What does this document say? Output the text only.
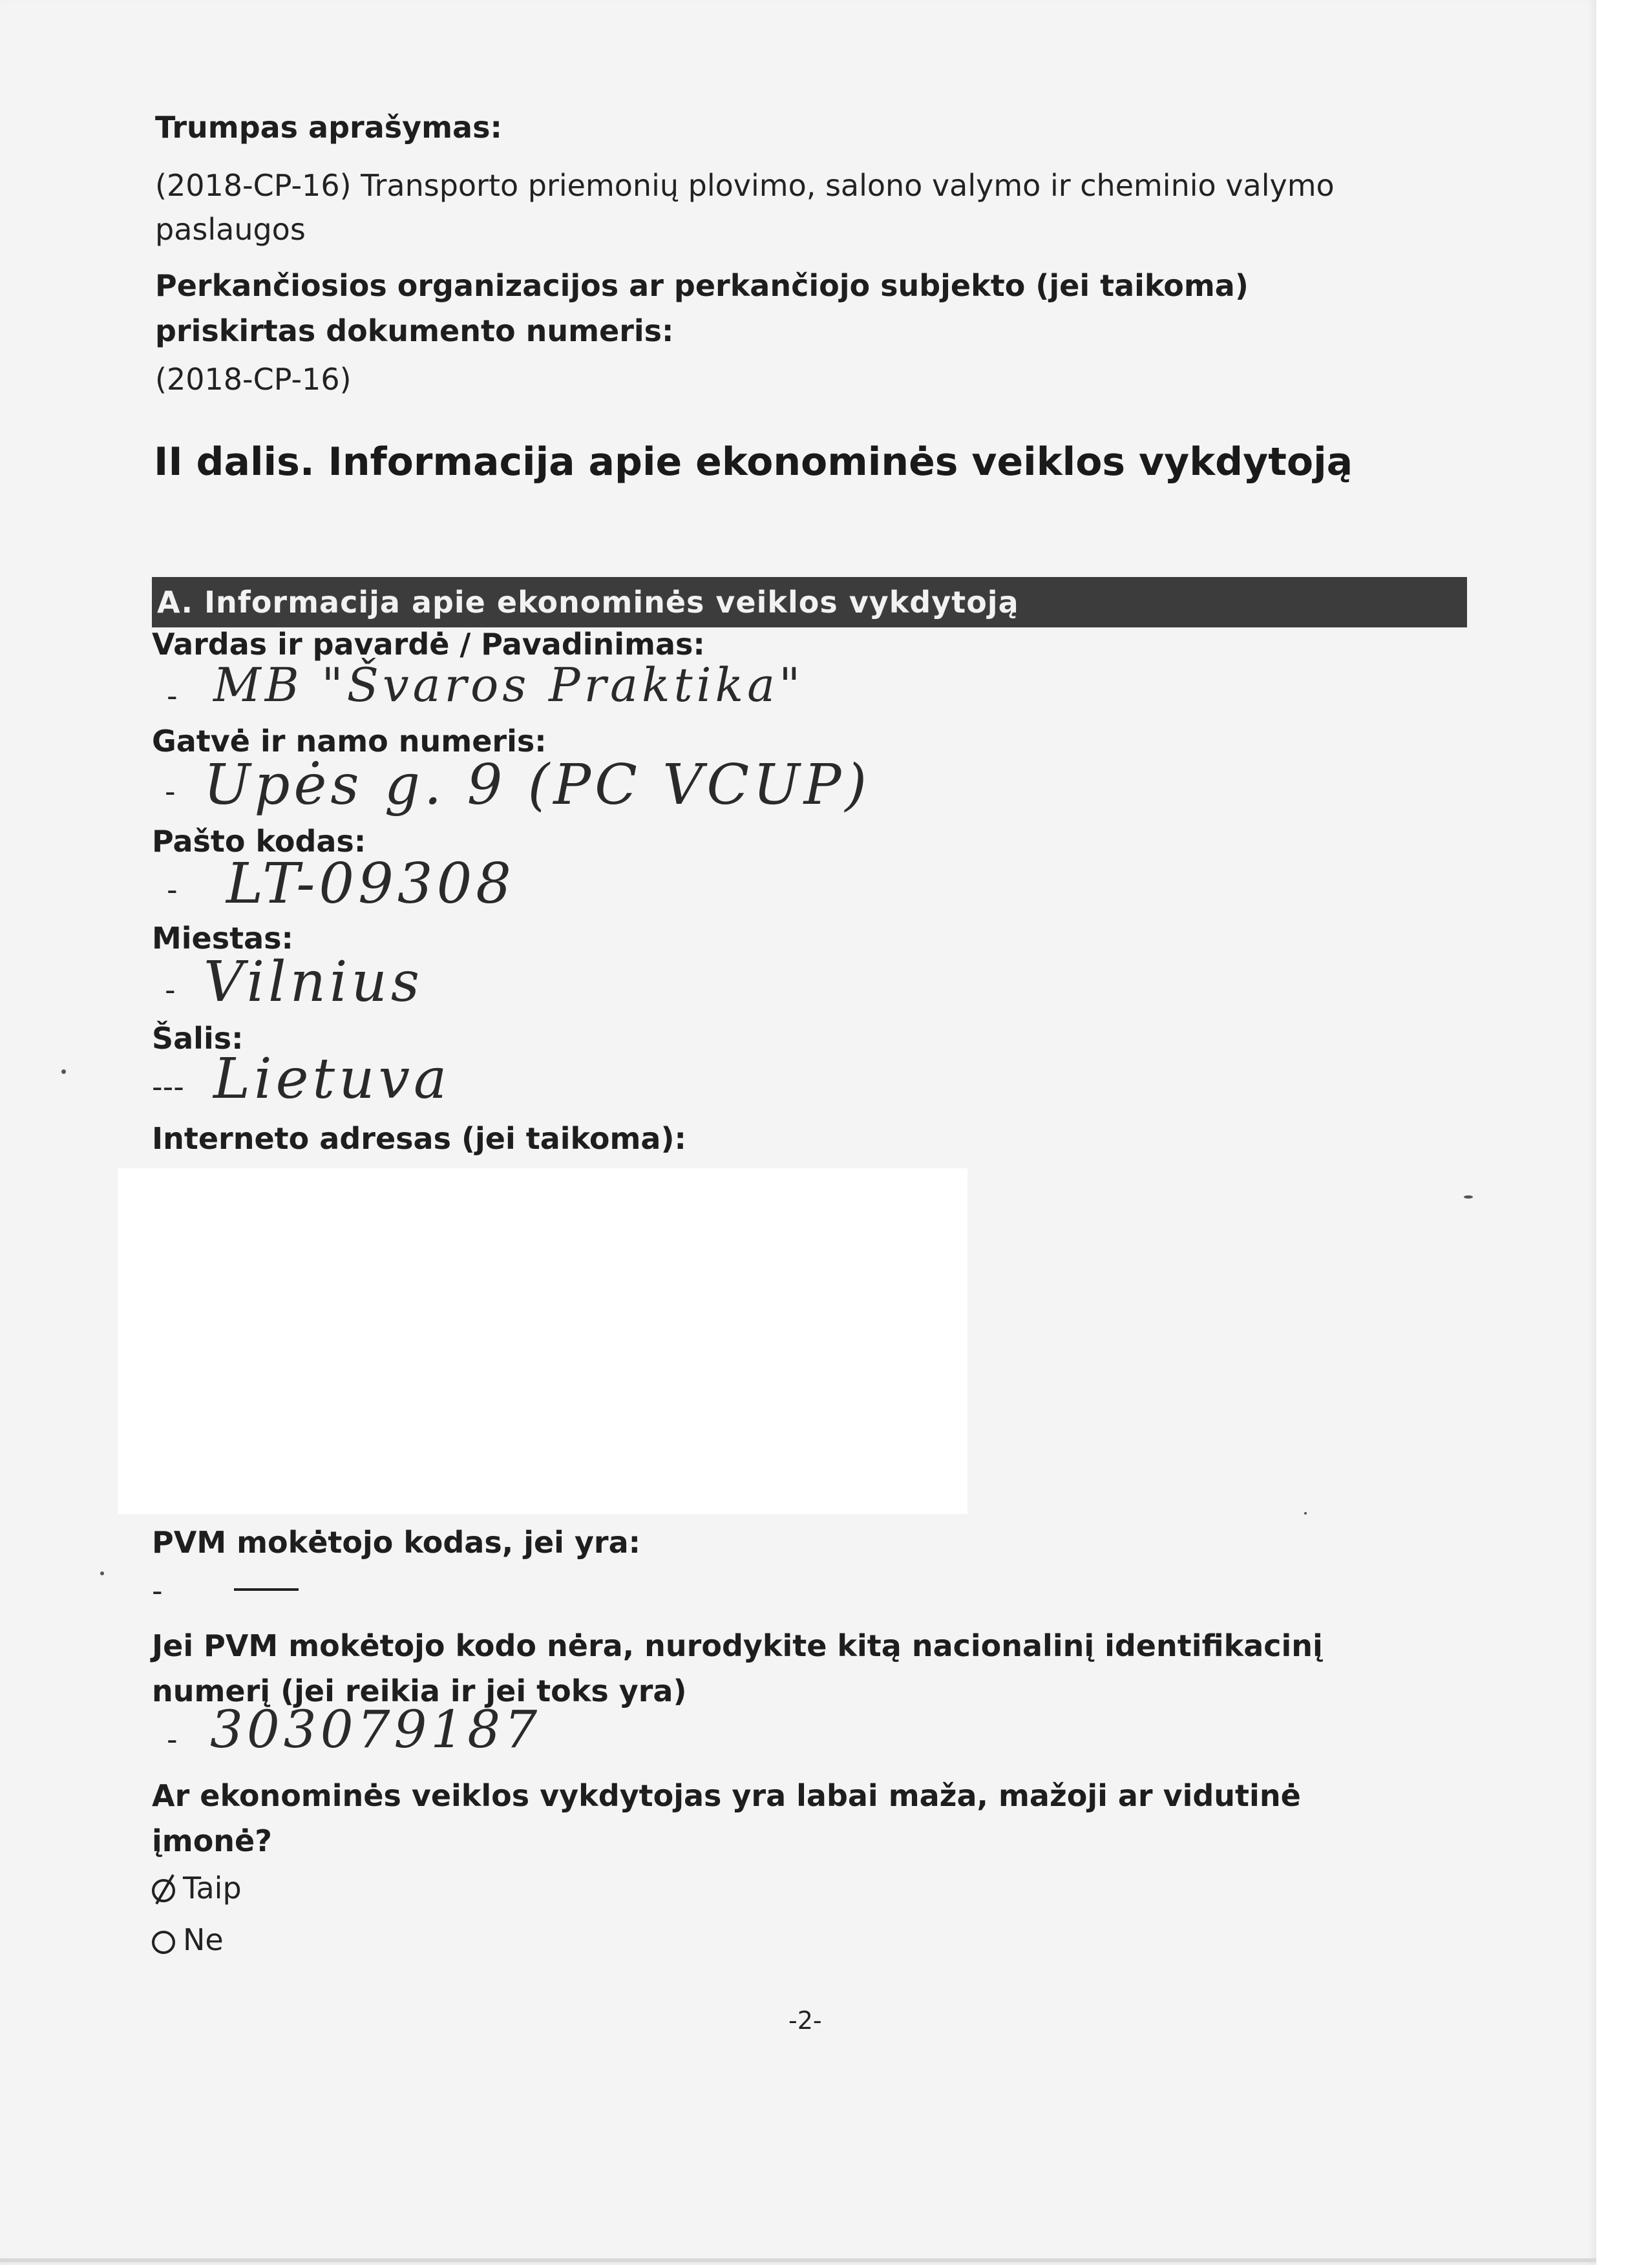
Trumpas aprašymas:
(2018-CP-16) Transporto priemonių plovimo, salono valymo ir cheminio valymo
paslaugos
Perkančiosios organizacijos ar perkančiojo subjekto (jei taikoma)
priskirtas dokumento numeris:
(2018-CP-16)
II dalis. Informacija apie ekonominės veiklos vykdytoją
A. Informacija apie ekonominės veiklos vykdytoją
Vardas ir pavardė / Pavadinimas:
- MB "Švaros Praktika"
Gatvė ir namo numeris:
- Upės g. 9 (PC VCUP)
Pašto kodas:
- LT-09308
Miestas:
- Vilnius
Šalis:
--- Lietuva
Interneto adresas (jei taikoma):
PVM mokėtojo kodas, jei yra:
-
Jei PVM mokėtojo kodo nėra, nurodykite kitą nacionalinį identifikacinį
numerį (jei reikia ir jei toks yra)
- 303079187
Ar ekonominės veiklos vykdytojas yra labai maža, mažoji ar vidutinė
įmonė?
Taip
Ne
-2-
